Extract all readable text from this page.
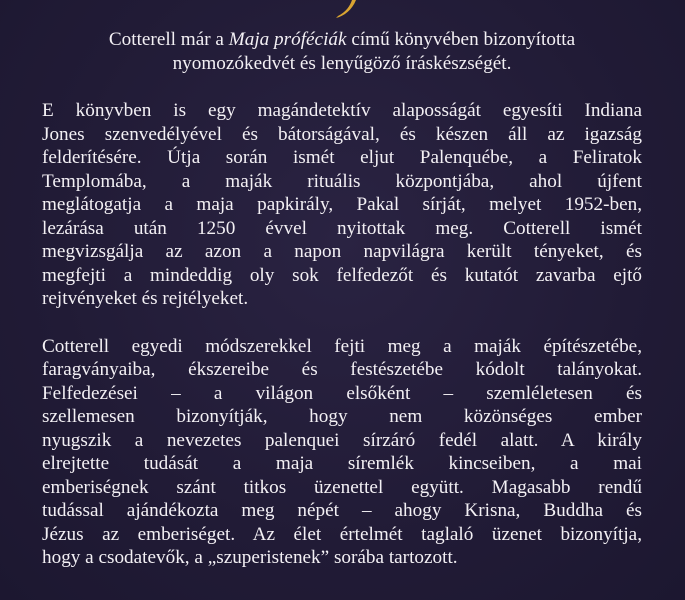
Cotterell már a Maja próféciák című könyvében bizonyította
nyomozókedvét és lenyűgöző íráskészségét.

E könyvben is egy magándetektív alaposságát egyesíti Indiana
Jones szenvedélyével és bátorságával, és készen áll az igazság
felderítésére. Útja során ismét eljut Palenquébe, a Feliratok
Templomába, a maják rituális központjába, ahol újfent
meglátogatja a maja papkirály, Pakal sírját, melyet 1952-ben,
lezárása után 1250 évvel nyitottak meg. Cotterell ismét
megvizsgálja az azon a napon napvilágra került tényeket, és
megfejti a mindeddig oly sok felfedezőt és kutatót zavarba ejtő
rejtvényeket és rejtélyeket.

Cotterell egyedi módszerekkel fejti meg a maják építészetébe,
faragványaiba, ékszereibe és festészetébe kódolt talányokat.
Felfedezései – a világon elsőként – szemléletesen és
szellemesen bizonyítják, hogy nem közönséges ember
nyugszik a nevezetes palenquei sírzáró fedél alatt. A király
elrejtette tudását a maja síremlék kincseiben, a mai
emberiségnek szánt titkos üzenettel együtt. Magasabb rendű
tudással ajándékozta meg népét – ahogy Krisna, Buddha és
Jézus az emberiséget. Az élet értelmét taglaló üzenet bizonyítja,
hogy a csodatevők, a „szuperistenek” sorába tartozott.
